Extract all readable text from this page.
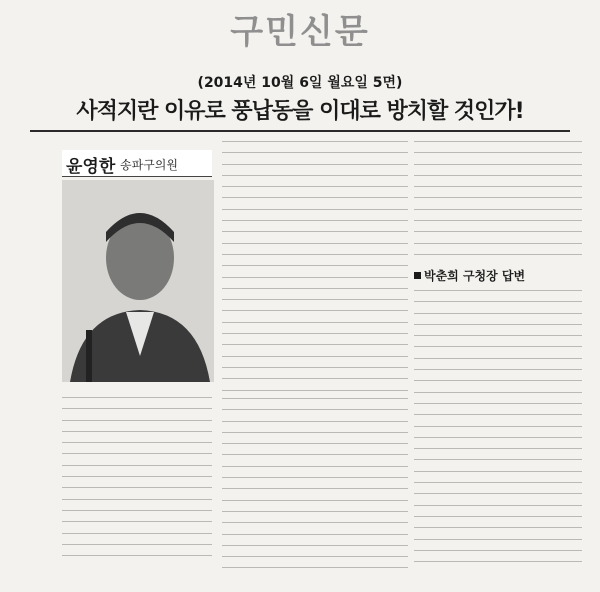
구민신문
(2014년 10월 6일 월요일 5면)
사적지란 이유로 풍납동을 이대로 방치할 것인가!
윤영한 송파구의원
박춘희 구청장 답변
